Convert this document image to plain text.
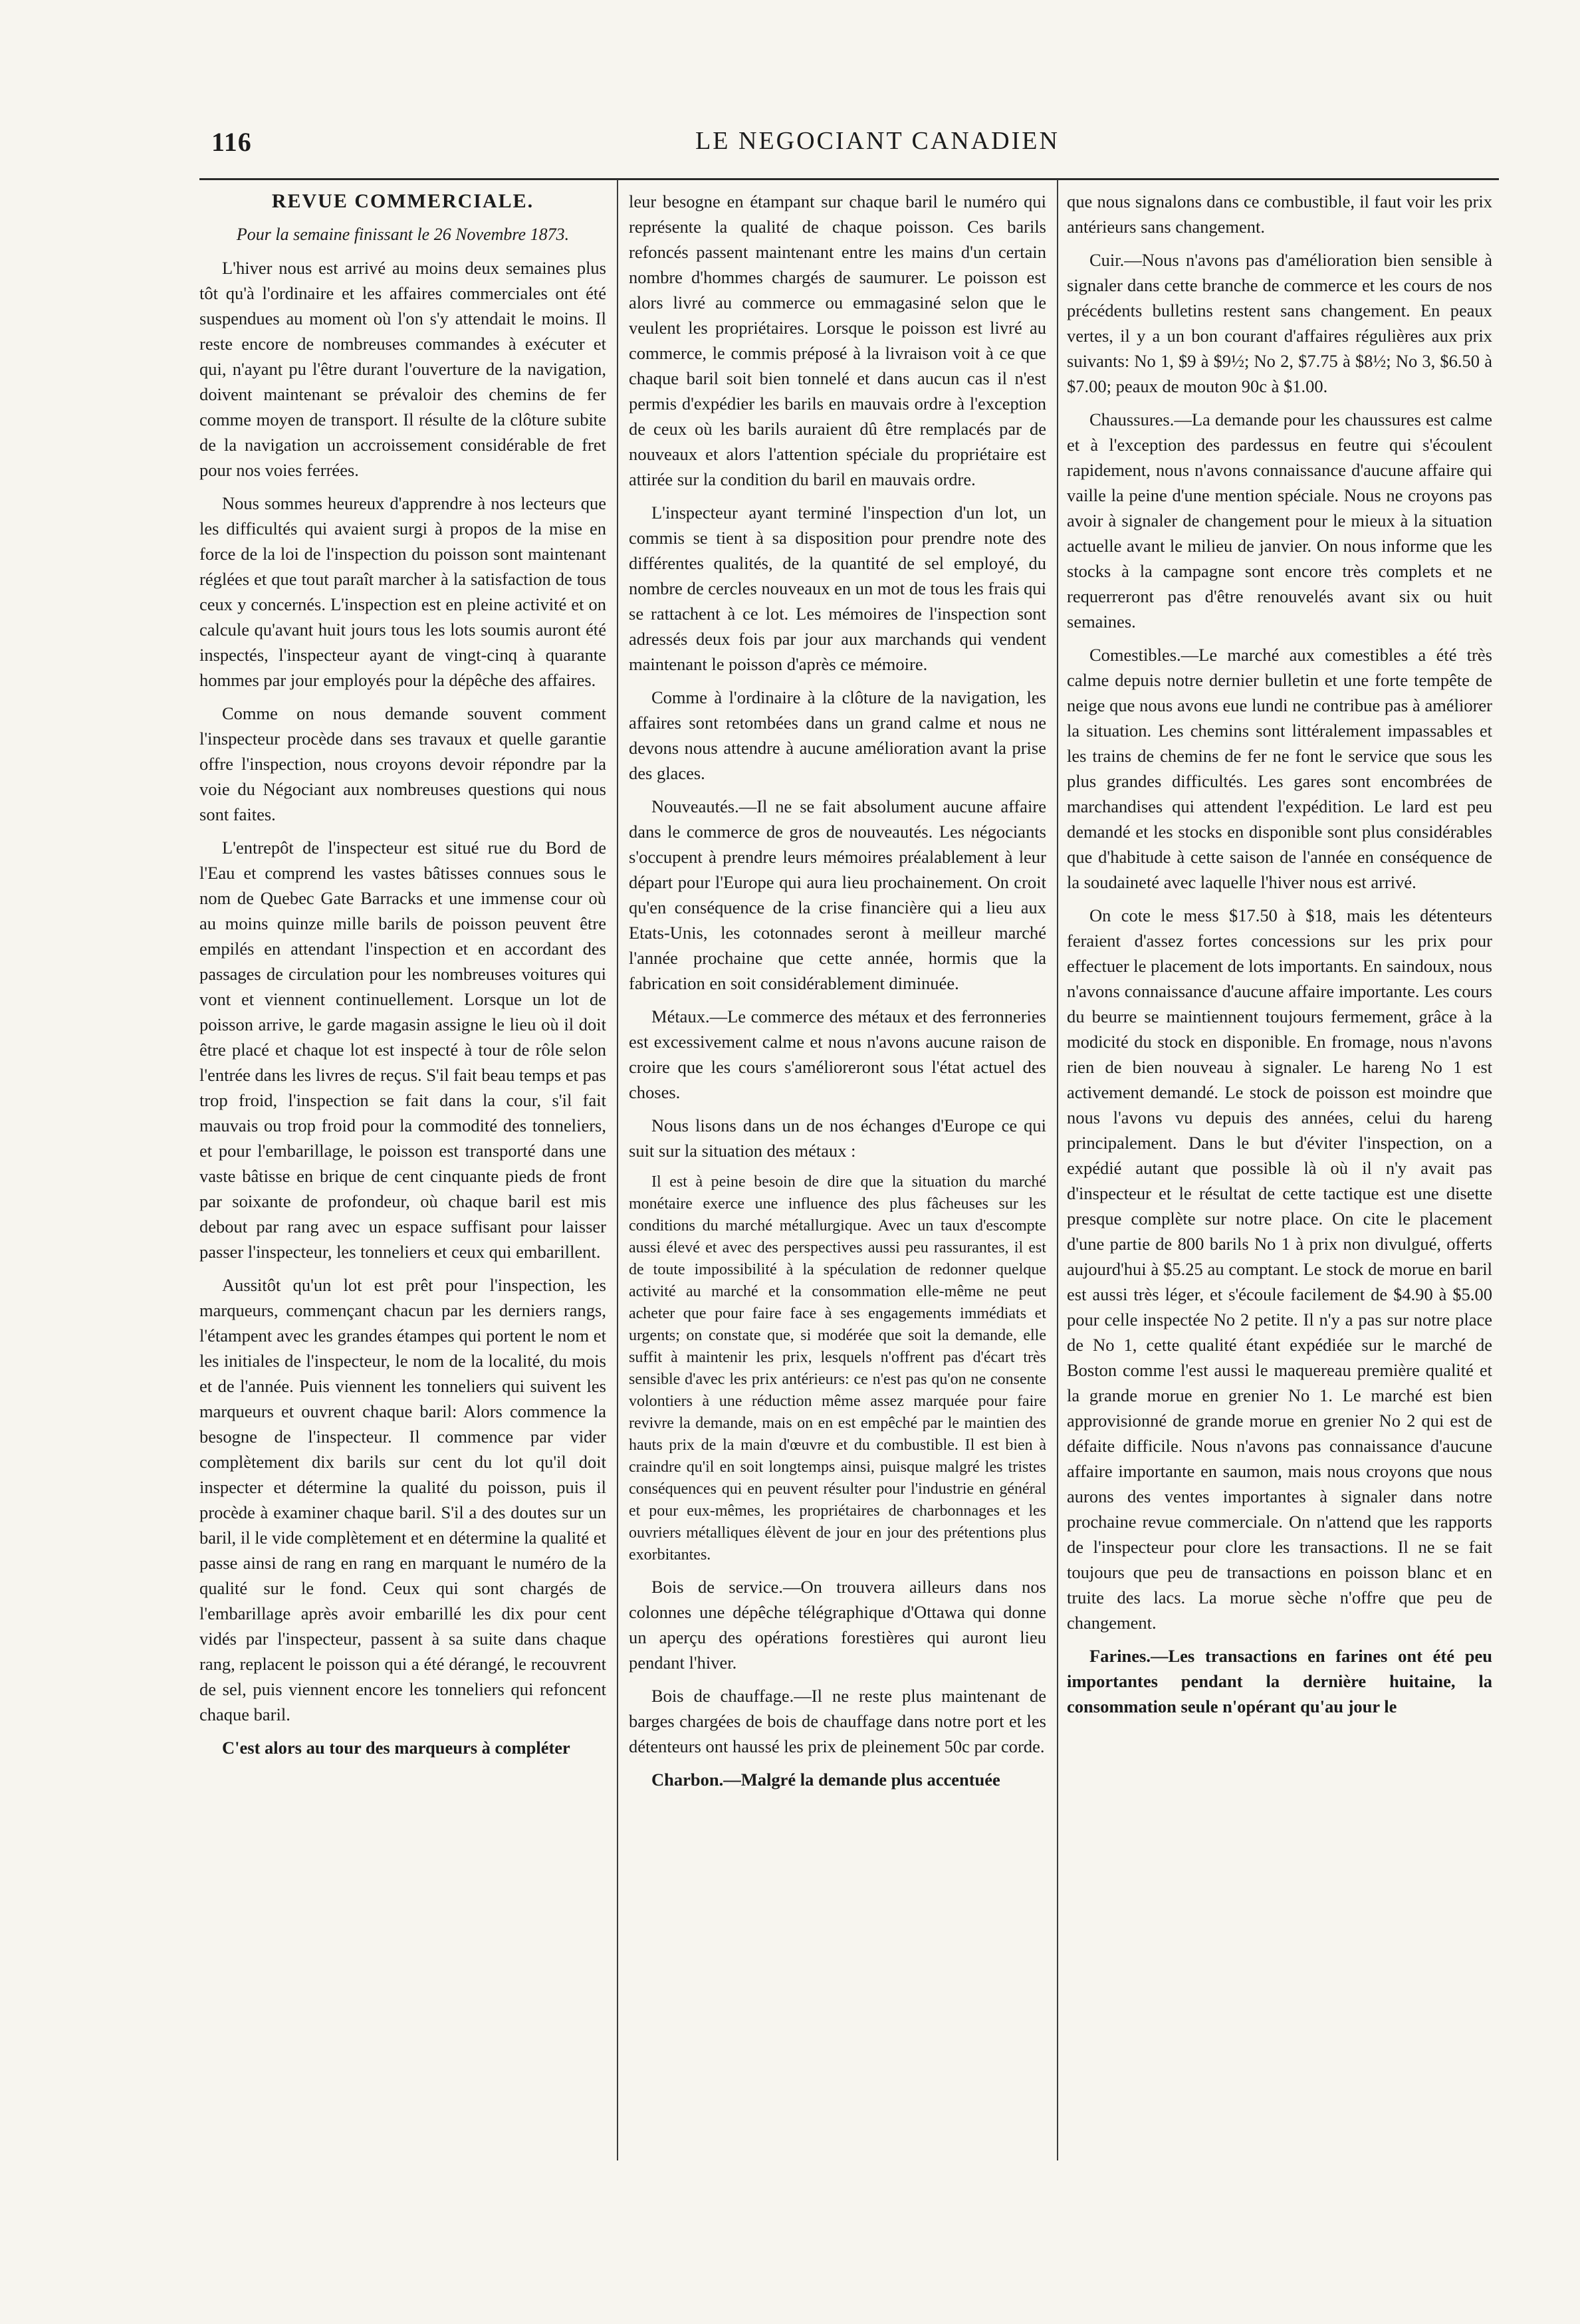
116	LE NEGOCIANT CANADIEN

REVUE COMMERCIALE.

Pour la semaine finissant le 26 Novembre 1873.

L'hiver nous est arrivé au moins deux semaines plus tôt qu'à l'ordinaire et les affaires commerciales ont été suspendues au moment où l'on s'y attendait le moins. Il reste encore de nombreuses commandes à exécuter et qui, n'ayant pu l'être durant l'ouverture de la navigation, doivent maintenant se prévaloir des chemins de fer comme moyen de transport. Il résulte de la clôture subite de la navigation un accroissement considérable de fret pour nos voies ferrées.

Nous sommes heureux d'apprendre à nos lecteurs que les difficultés qui avaient surgi à propos de la mise en force de la loi de l'inspection du poisson sont maintenant réglées et que tout paraît marcher à la satisfaction de tous ceux y concernés. L'inspection est en pleine activité et on calcule qu'avant huit jours tous les lots soumis auront été inspectés, l'inspecteur ayant de vingt-cinq à quarante hommes par jour employés pour la dépêche des affaires.

Comme on nous demande souvent comment l'inspecteur procède dans ses travaux et quelle garantie offre l'inspection, nous croyons devoir répondre par la voie du Négociant aux nombreuses questions qui nous sont faites.

L'entrepôt de l'inspecteur est situé rue du Bord de l'Eau et comprend les vastes bâtisses connues sous le nom de Quebec Gate Barracks et une immense cour où au moins quinze mille barils de poisson peuvent être empilés en attendant l'inspection et en accordant des passages de circulation pour les nombreuses voitures qui vont et viennent continuellement. Lorsque un lot de poisson arrive, le garde magasin assigne le lieu où il doit être placé et chaque lot est inspecté à tour de rôle selon l'entrée dans les livres de reçus. S'il fait beau temps et pas trop froid, l'inspection se fait dans la cour, s'il fait mauvais ou trop froid pour la commodité des tonneliers, et pour l'embarillage, le poisson est transporté dans une vaste bâtisse en brique de cent cinquante pieds de front par soixante de profondeur, où chaque baril est mis debout par rang avec un espace suffisant pour laisser passer l'inspecteur, les tonneliers et ceux qui embarillent.

Aussitôt qu'un lot est prêt pour l'inspection, les marqueurs, commençant chacun par les derniers rangs, l'étampent avec les grandes étampes qui portent le nom et les initiales de l'inspecteur, le nom de la localité, du mois et de l'année. Puis viennent les tonneliers qui suivent les marqueurs et ouvrent chaque baril: Alors commence la besogne de l'inspecteur. Il commence par vider complètement dix barils sur cent du lot qu'il doit inspecter et détermine la qualité du poisson, puis il procède à examiner chaque baril. S'il a des doutes sur un baril, il le vide complètement et en détermine la qualité et passe ainsi de rang en rang en marquant le numéro de la qualité sur le fond. Ceux qui sont chargés de l'embarillage après avoir embarillé les dix pour cent vidés par l'inspecteur, passent à sa suite dans chaque rang, replacent le poisson qui a été dérangé, le recouvrent de sel, puis viennent encore les tonneliers qui refoncent chaque baril.

C'est alors au tour des marqueurs à compléter

leur besogne en étampant sur chaque baril le numéro qui représente la qualité de chaque poisson. Ces barils refoncés passent maintenant entre les mains d'un certain nombre d'hommes chargés de saumurer. Le poisson est alors livré au commerce ou emmagasiné selon que le veulent les propriétaires. Lorsque le poisson est livré au commerce, le commis préposé à la livraison voit à ce que chaque baril soit bien tonnelé et dans aucun cas il n'est permis d'expédier les barils en mauvais ordre à l'exception de ceux où les barils auraient dû être remplacés par de nouveaux et alors l'attention spéciale du propriétaire est attirée sur la condition du baril en mauvais ordre.

L'inspecteur ayant terminé l'inspection d'un lot, un commis se tient à sa disposition pour prendre note des différentes qualités, de la quantité de sel employé, du nombre de cercles nouveaux en un mot de tous les frais qui se rattachent à ce lot. Les mémoires de l'inspection sont adressés deux fois par jour aux marchands qui vendent maintenant le poisson d'après ce mémoire.

Comme à l'ordinaire à la clôture de la navigation, les affaires sont retombées dans un grand calme et nous ne devons nous attendre à aucune amélioration avant la prise des glaces.

Nouveautés.—Il ne se fait absolument aucune affaire dans le commerce de gros de nouveautés. Les négociants s'occupent à prendre leurs mémoires préalablement à leur départ pour l'Europe qui aura lieu prochainement. On croit qu'en conséquence de la crise financière qui a lieu aux Etats-Unis, les cotonnades seront à meilleur marché l'année prochaine que cette année, hormis que la fabrication en soit considérablement diminuée.

Métaux.—Le commerce des métaux et des ferronneries est excessivement calme et nous n'avons aucune raison de croire que les cours s'amélioreront sous l'état actuel des choses.

Nous lisons dans un de nos échanges d'Europe ce qui suit sur la situation des métaux :

Il est à peine besoin de dire que la situation du marché monétaire exerce une influence des plus fâcheuses sur les conditions du marché métallurgique. Avec un taux d'escompte aussi élevé et avec des perspectives aussi peu rassurantes, il est de toute impossibilité à la spéculation de redonner quelque activité au marché et la consommation elle-même ne peut acheter que pour faire face à ses engagements immédiats et urgents; on constate que, si modérée que soit la demande, elle suffit à maintenir les prix, lesquels n'offrent pas d'écart très sensible d'avec les prix antérieurs: ce n'est pas qu'on ne consente volontiers à une réduction même assez marquée pour faire revivre la demande, mais on en est empêché par le maintien des hauts prix de la main d'œuvre et du combustible. Il est bien à craindre qu'il en soit longtemps ainsi, puisque malgré les tristes conséquences qui en peuvent résulter pour l'industrie en général et pour eux-mêmes, les propriétaires de charbonnages et les ouvriers métalliques élèvent de jour en jour des prétentions plus exorbitantes.

Bois de service.—On trouvera ailleurs dans nos colonnes une dépêche télégraphique d'Ottawa qui donne un aperçu des opérations forestières qui auront lieu pendant l'hiver.

Bois de chauffage.—Il ne reste plus maintenant de barges chargées de bois de chauffage dans notre port et les détenteurs ont haussé les prix de pleinement 50c par corde.

Charbon.—Malgré la demande plus accentuée

que nous signalons dans ce combustible, il faut voir les prix antérieurs sans changement.

Cuir.—Nous n'avons pas d'amélioration bien sensible à signaler dans cette branche de commerce et les cours de nos précédents bulletins restent sans changement. En peaux vertes, il y a un bon courant d'affaires régulières aux prix suivants: No 1, $9 à $9½; No 2, $7.75 à $8½; No 3, $6.50 à $7.00; peaux de mouton 90c à $1.00.

Chaussures.—La demande pour les chaussures est calme et à l'exception des pardessus en feutre qui s'écoulent rapidement, nous n'avons connaissance d'aucune affaire qui vaille la peine d'une mention spéciale. Nous ne croyons pas avoir à signaler de changement pour le mieux à la situation actuelle avant le milieu de janvier. On nous informe que les stocks à la campagne sont encore très complets et ne requerreront pas d'être renouvelés avant six ou huit semaines.

Comestibles.—Le marché aux comestibles a été très calme depuis notre dernier bulletin et une forte tempête de neige que nous avons eue lundi ne contribue pas à améliorer la situation. Les chemins sont littéralement impassables et les trains de chemins de fer ne font le service que sous les plus grandes difficultés. Les gares sont encombrées de marchandises qui attendent l'expédition. Le lard est peu demandé et les stocks en disponible sont plus considérables que d'habitude à cette saison de l'année en conséquence de la soudaineté avec laquelle l'hiver nous est arrivé.

On cote le mess $17.50 à $18, mais les détenteurs feraient d'assez fortes concessions sur les prix pour effectuer le placement de lots importants. En saindoux, nous n'avons connaissance d'aucune affaire importante. Les cours du beurre se maintiennent toujours fermement, grâce à la modicité du stock en disponible. En fromage, nous n'avons rien de bien nouveau à signaler. Le hareng No 1 est activement demandé. Le stock de poisson est moindre que nous l'avons vu depuis des années, celui du hareng principalement. Dans le but d'éviter l'inspection, on a expédié autant que possible là où il n'y avait pas d'inspecteur et le résultat de cette tactique est une disette presque complète sur notre place. On cite le placement d'une partie de 800 barils No 1 à prix non divulgué, offerts aujourd'hui à $5.25 au comptant. Le stock de morue en baril est aussi très léger, et s'écoule facilement de $4.90 à $5.00 pour celle inspectée No 2 petite. Il n'y a pas sur notre place de No 1, cette qualité étant expédiée sur le marché de Boston comme l'est aussi le maquereau première qualité et la grande morue en grenier No 1. Le marché est bien approvisionné de grande morue en grenier No 2 qui est de défaite difficile. Nous n'avons pas connaissance d'aucune affaire importante en saumon, mais nous croyons que nous aurons des ventes importantes à signaler dans notre prochaine revue commerciale. On n'attend que les rapports de l'inspecteur pour clore les transactions. Il ne se fait toujours que peu de transactions en poisson blanc et en truite des lacs. La morue sèche n'offre que peu de changement.

Farines.—Les transactions en farines ont été peu importantes pendant la dernière huitaine, la consommation seule n'opérant qu'au jour le
